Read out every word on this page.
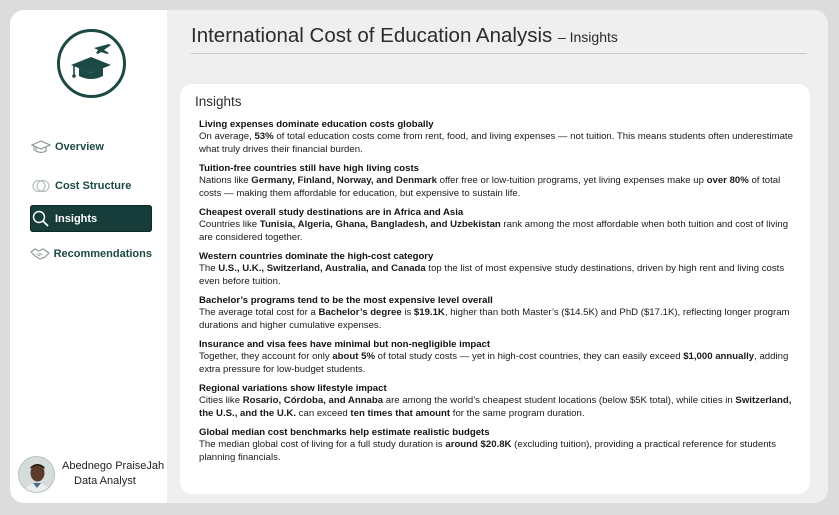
Overview
Cost Structure
Insights
Recommendations
Abednego PraiseJah
Data Analyst
International Cost of Education Analysis – Insights
Insights
Living expenses dominate education costs globally
On average, 53% of total education costs come from rent, food, and living expenses — not tuition. This means students often underestimate what truly drives their financial burden.
Tuition-free countries still have high living costs
Nations like Germany, Finland, Norway, and Denmark offer free or low-tuition programs, yet living expenses make up over 80% of total costs — making them affordable for education, but expensive to sustain life.
Cheapest overall study destinations are in Africa and Asia
Countries like Tunisia, Algeria, Ghana, Bangladesh, and Uzbekistan rank among the most affordable when both tuition and cost of living are considered together.
Western countries dominate the high-cost category
The U.S., U.K., Switzerland, Australia, and Canada top the list of most expensive study destinations, driven by high rent and living costs even before tuition.
Bachelor’s programs tend to be the most expensive level overall
The average total cost for a Bachelor’s degree is $19.1K, higher than both Master’s ($14.5K) and PhD ($17.1K), reflecting longer program durations and higher cumulative expenses.
Insurance and visa fees have minimal but non-negligible impact
Together, they account for only about 5% of total study costs — yet in high-cost countries, they can easily exceed $1,000 annually, adding extra pressure for low-budget students.
Regional variations show lifestyle impact
Cities like Rosario, Córdoba, and Annaba are among the world’s cheapest student locations (below $5K total), while cities in Switzerland, the U.S., and the U.K. can exceed ten times that amount for the same program duration.
Global median cost benchmarks help estimate realistic budgets
The median global cost of living for a full study duration is around $20.8K (excluding tuition), providing a practical reference for students planning financials.
